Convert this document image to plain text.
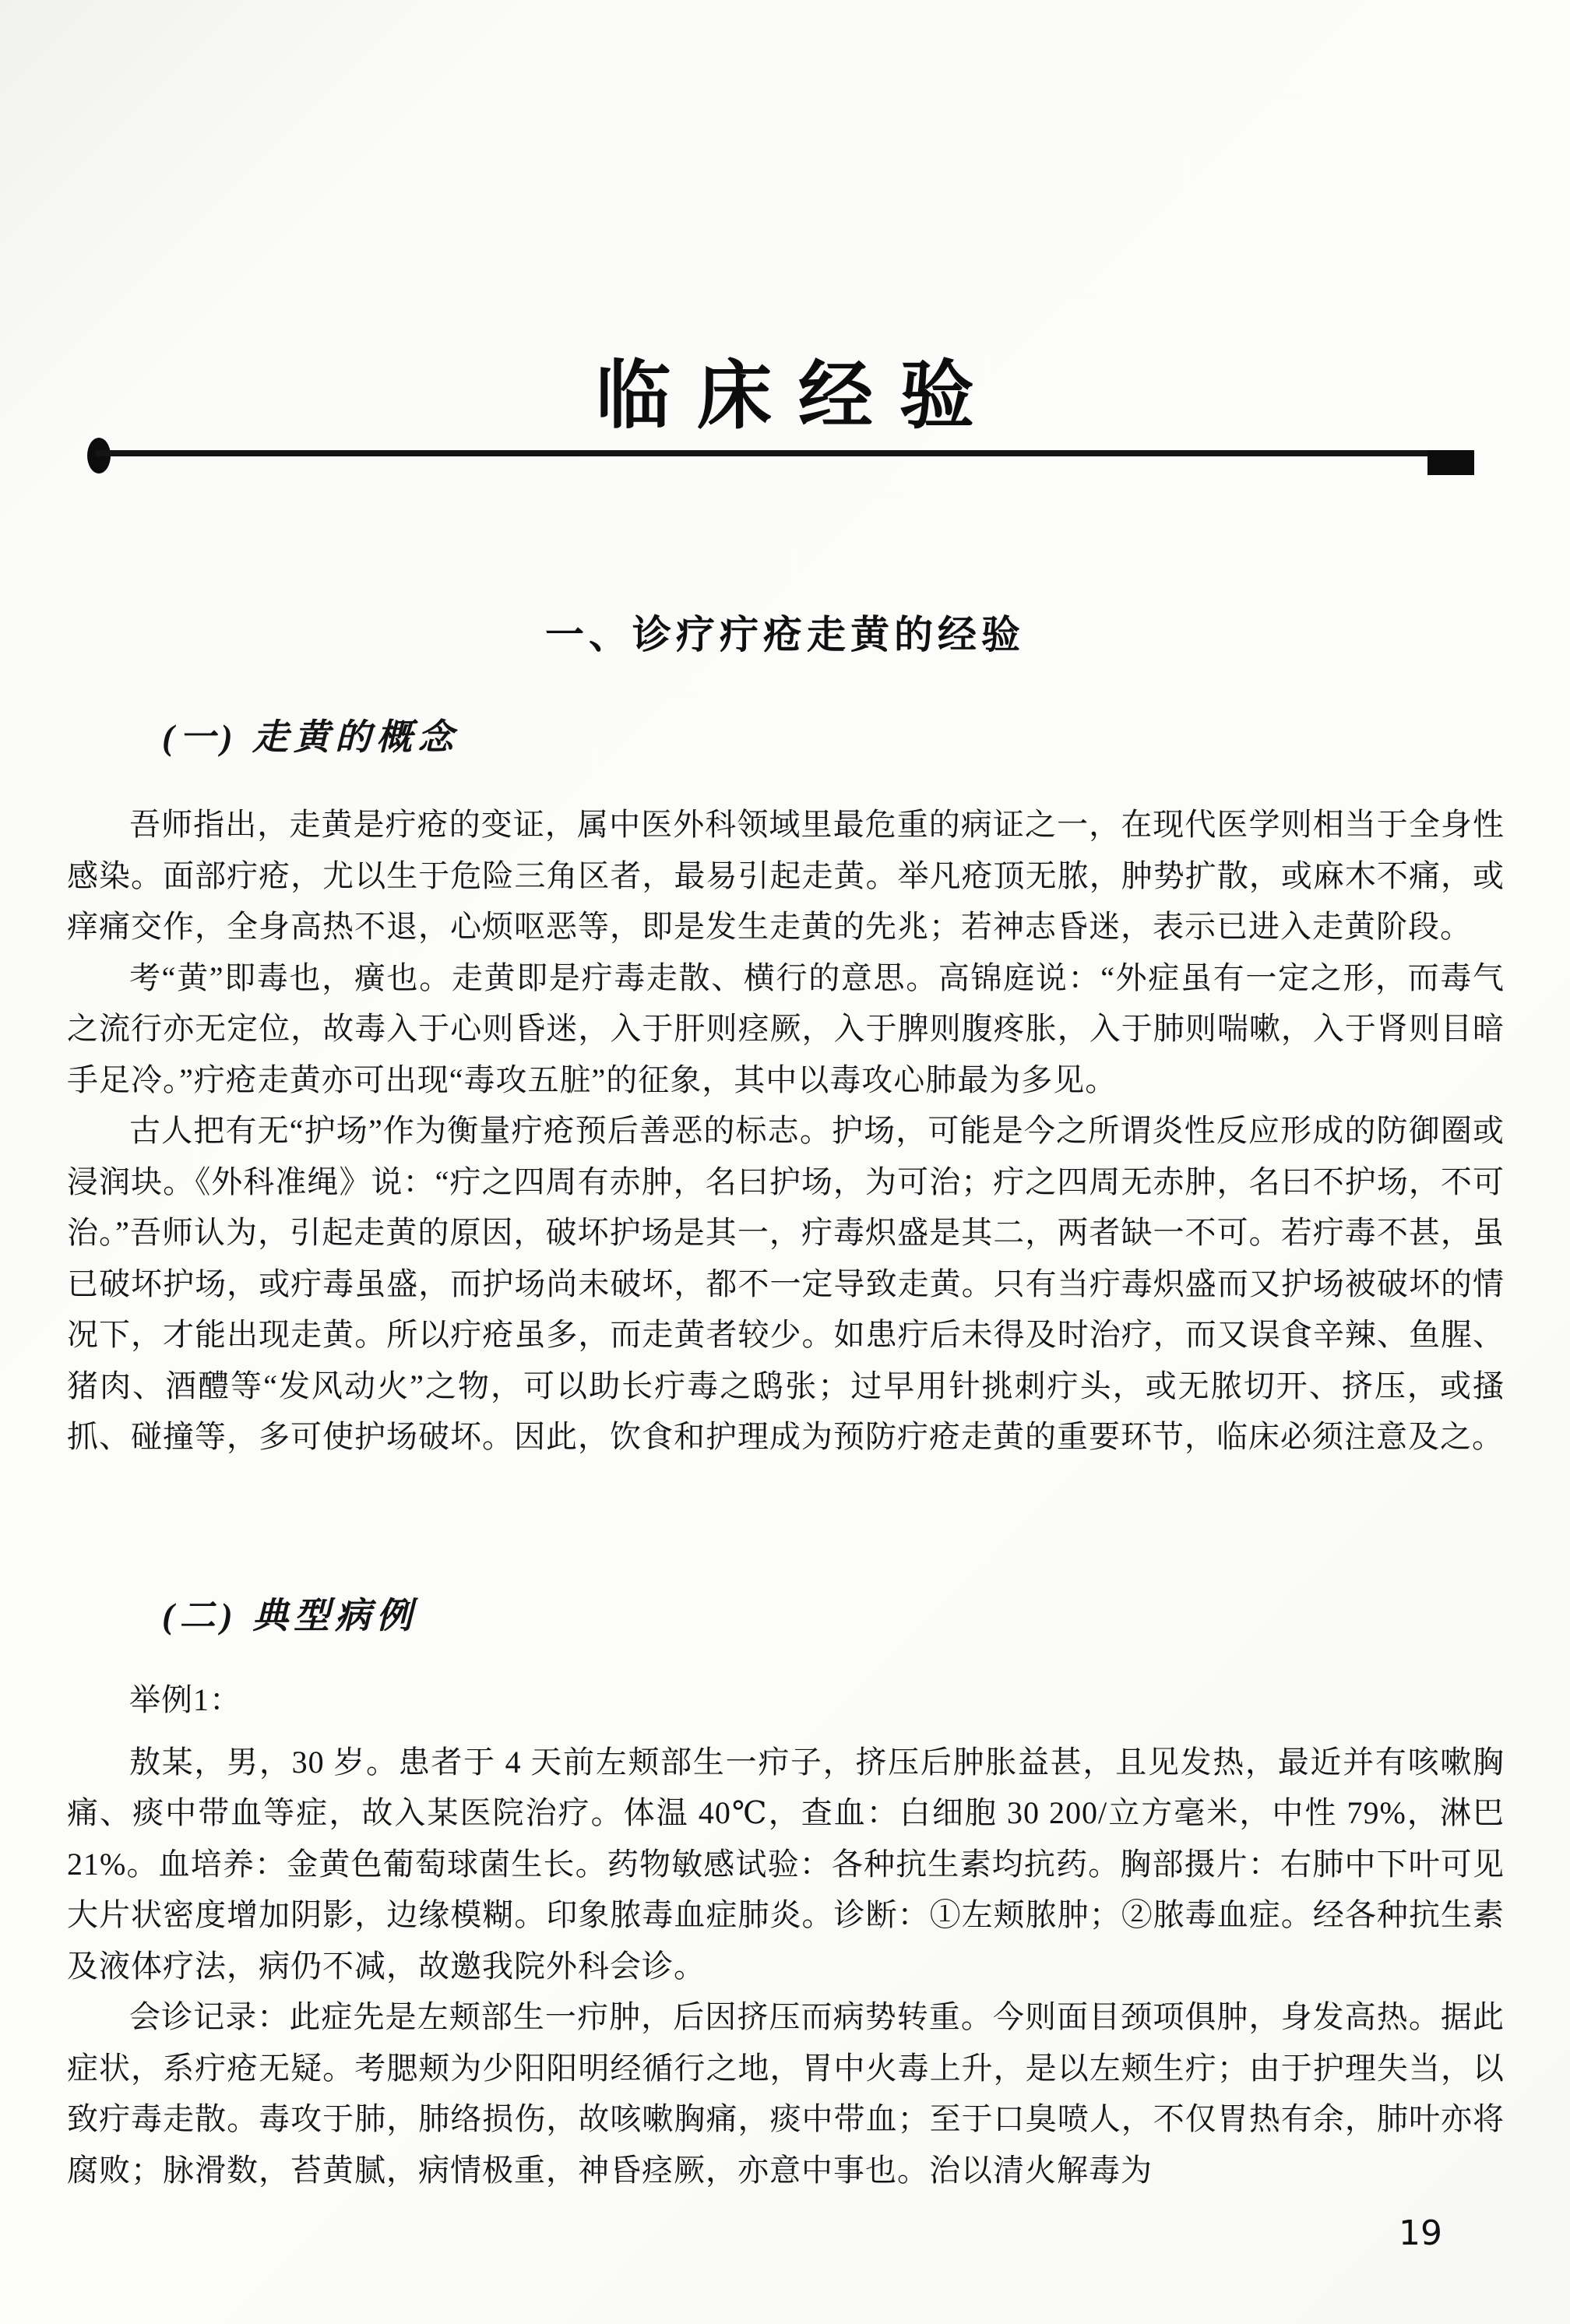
临床经验
一、诊疗疔疮走黄的经验
(一) 走黄的概念

吾师指出，走黄是疔疮的变证，属中医外科领域里最危重的病证之一，在现代医学则相当于全身性感染。面部疔疮，尤以生于危险三角区者，最易引起走黄。举凡疮顶无脓，肿势扩散，或麻木不痛，或痒痛交作，全身高热不退，心烦呕恶等，即是发生走黄的先兆；若神志昏迷，表示已进入走黄阶段。

考“黄”即毒也，癀也。走黄即是疔毒走散、横行的意思。高锦庭说：“外症虽有一定之形，而毒气之流行亦无定位，故毒入于心则昏迷，入于肝则痉厥，入于脾则腹疼胀，入于肺则喘嗽，入于肾则目暗手足冷。”疔疮走黄亦可出现“毒攻五脏”的征象，其中以毒攻心肺最为多见。

古人把有无“护场”作为衡量疔疮预后善恶的标志。护场，可能是今之所谓炎性反应形成的防御圈或浸润块。《外科准绳》说：“疔之四周有赤肿，名曰护场，为可治；疔之四周无赤肿，名曰不护场，不可治。”吾师认为，引起走黄的原因，破坏护场是其一，疔毒炽盛是其二，两者缺一不可。若疔毒不甚，虽已破坏护场，或疔毒虽盛，而护场尚未破坏，都不一定导致走黄。只有当疔毒炽盛而又护场被破坏的情况下，才能出现走黄。所以疔疮虽多，而走黄者较少。如患疔后未得及时治疗，而又误食辛辣、鱼腥、猪肉、酒醴等“发风动火”之物，可以助长疔毒之鸱张；过早用针挑刺疔头，或无脓切开、挤压，或搔抓、碰撞等，多可使护场破坏。因此，饮食和护理成为预防疔疮走黄的重要环节，临床必须注意及之。

(二) 典型病例

举例1：

敖某，男，30 岁。患者于 4 天前左颊部生一疖子，挤压后肿胀益甚，且见发热，最近并有咳嗽胸痛、痰中带血等症，故入某医院治疗。体温 40℃，查血：白细胞 30 200/立方毫米，中性 79%，淋巴 21%。血培养：金黄色葡萄球菌生长。药物敏感试验：各种抗生素均抗药。胸部摄片：右肺中下叶可见大片状密度增加阴影，边缘模糊。印象脓毒血症肺炎。诊断：①左颊脓肿；②脓毒血症。经各种抗生素及液体疗法，病仍不减，故邀我院外科会诊。

会诊记录：此症先是左颊部生一疖肿，后因挤压而病势转重。今则面目颈项俱肿，身发高热。据此症状，系疔疮无疑。考腮颊为少阳阳明经循行之地，胃中火毒上升，是以左颊生疔；由于护理失当，以致疔毒走散。毒攻于肺，肺络损伤，故咳嗽胸痛，痰中带血；至于口臭喷人，不仅胃热有余，肺叶亦将腐败；脉滑数，苔黄腻，病情极重，神昏痉厥，亦意中事也。治以清火解毒为

19
